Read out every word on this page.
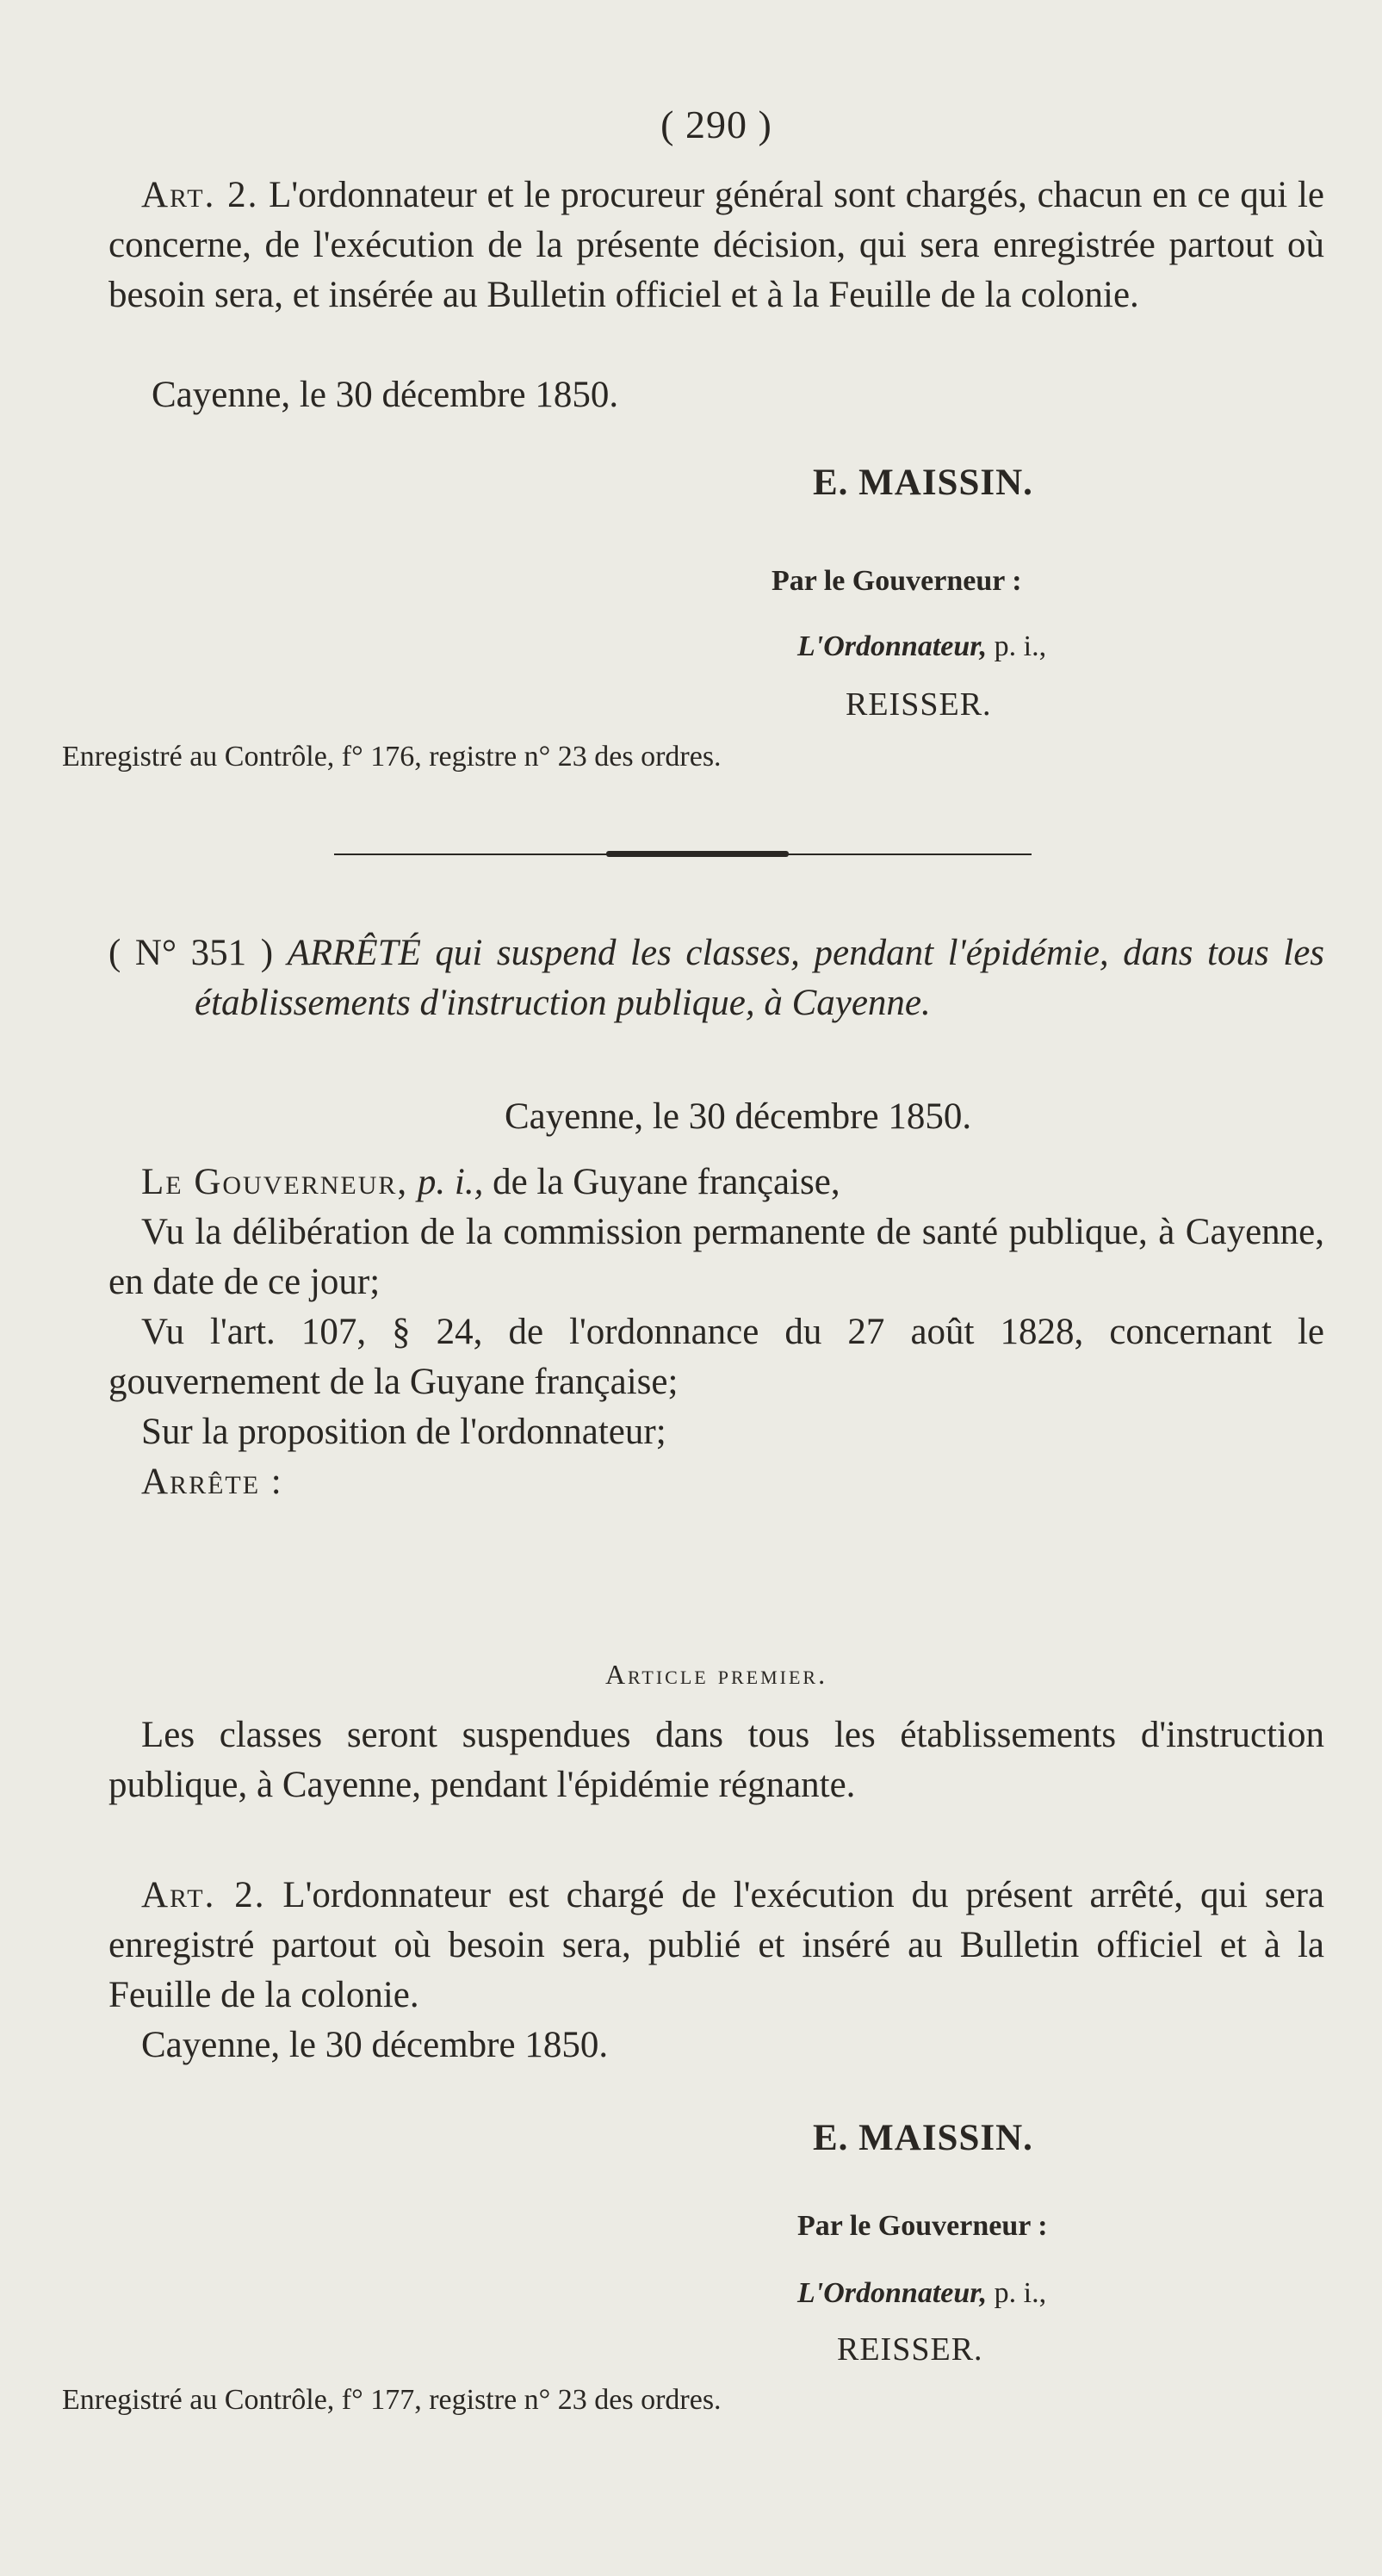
( 290 )

Art. 2. L'ordonnateur et le procureur général sont chargés, chacun en ce qui le concerne, de l'exécution de la présente décision, qui sera enregistrée partout où besoin sera, et insérée au Bulletin officiel et à la Feuille de la colonie.

Cayenne, le 30 décembre 1850.

E. MAISSIN.
Par le Gouverneur :
L'Ordonnateur, p. i.,
REISSER.
Enregistré au Contrôle, f° 176, registre n° 23 des ordres.

( N° 351 ) ARRÊTÉ qui suspend les classes, pendant l'épidémie, dans tous les établissements d'instruction publique, à Cayenne.

Cayenne, le 30 décembre 1850.

Le Gouverneur, p. i., de la Guyane française,

Vu la délibération de la commission permanente de santé publique, à Cayenne, en date de ce jour;

Vu l'art. 107, § 24, de l'ordonnance du 27 août 1828, concernant le gouvernement de la Guyane française;

Sur la proposition de l'ordonnateur;

Arrête :

Article premier.

Les classes seront suspendues dans tous les établissements d'instruction publique, à Cayenne, pendant l'épidémie régnante.

Art. 2. L'ordonnateur est chargé de l'exécution du présent arrêté, qui sera enregistré partout où besoin sera, publié et inséré au Bulletin officiel et à la Feuille de la colonie.

Cayenne, le 30 décembre 1850.

E. MAISSIN.
Par le Gouverneur :
L'Ordonnateur, p. i.,
REISSER.
Enregistré au Contrôle, f° 177, registre n° 23 des ordres.
